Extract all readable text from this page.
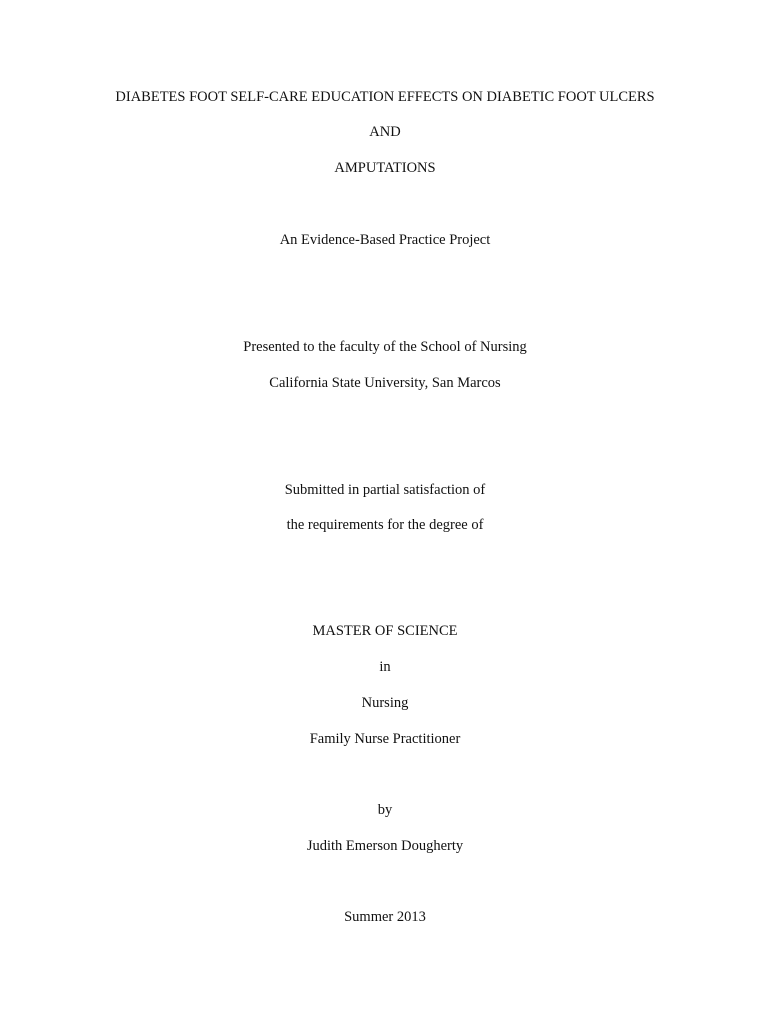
DIABETES FOOT SELF-CARE EDUCATION EFFECTS ON DIABETIC FOOT ULCERS
AND
AMPUTATIONS
An Evidence-Based Practice Project
Presented to the faculty of the School of Nursing
California State University, San Marcos
Submitted in partial satisfaction of
the requirements for the degree of
MASTER OF SCIENCE
in
Nursing
Family Nurse Practitioner
by
Judith Emerson Dougherty
Summer 2013
